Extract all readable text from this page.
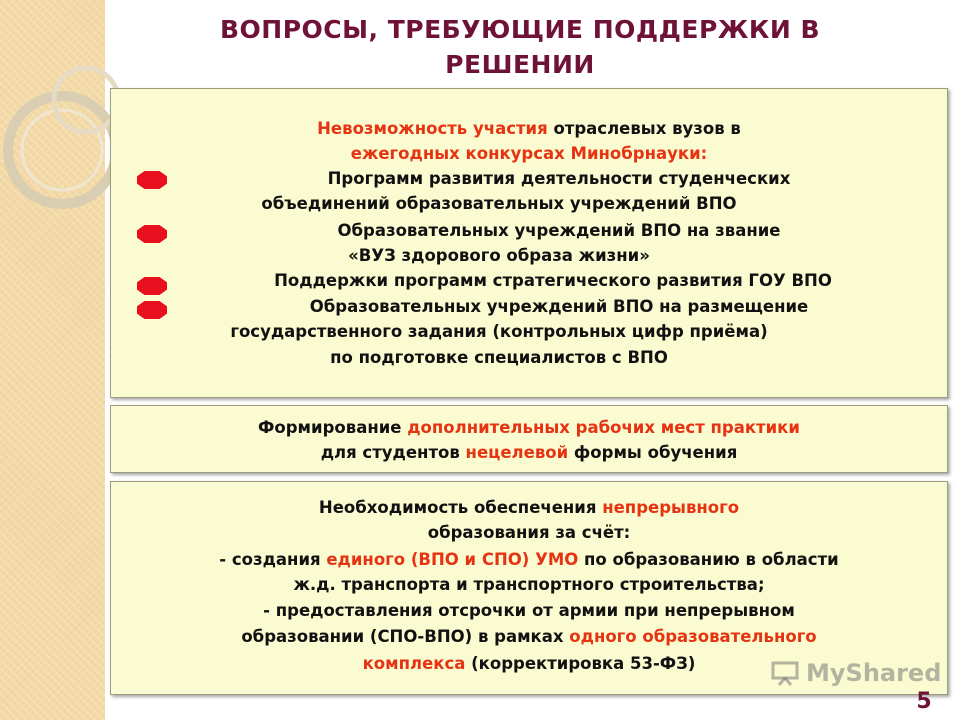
ВОПРОСЫ, ТРЕБУЮЩИЕ ПОДДЕРЖКИ В
РЕШЕНИИ
Невозможность участия отраслевых вузов в
ежегодных конкурсах Минобрнауки:
Программ развития деятельности студенческих
объединений образовательных учреждений ВПО
Образовательных учреждений ВПО на звание
«ВУЗ здорового образа жизни»
Поддержки программ стратегического развития ГОУ ВПО
Образовательных учреждений ВПО на размещение
государственного задания (контрольных цифр приёма)
по подготовке специалистов с ВПО
Формирование дополнительных рабочих мест практики
для студентов нецелевой формы обучения
Необходимость обеспечения непрерывного
образования за счёт:
- создания единого (ВПО и СПО) УМО по образованию в области
ж.д. транспорта и транспортного строительства;
- предоставления отсрочки от армии при непрерывном
образовании (СПО-ВПО) в рамках одного образовательного
комплекса (корректировка 53-ФЗ)	MyShared
5
